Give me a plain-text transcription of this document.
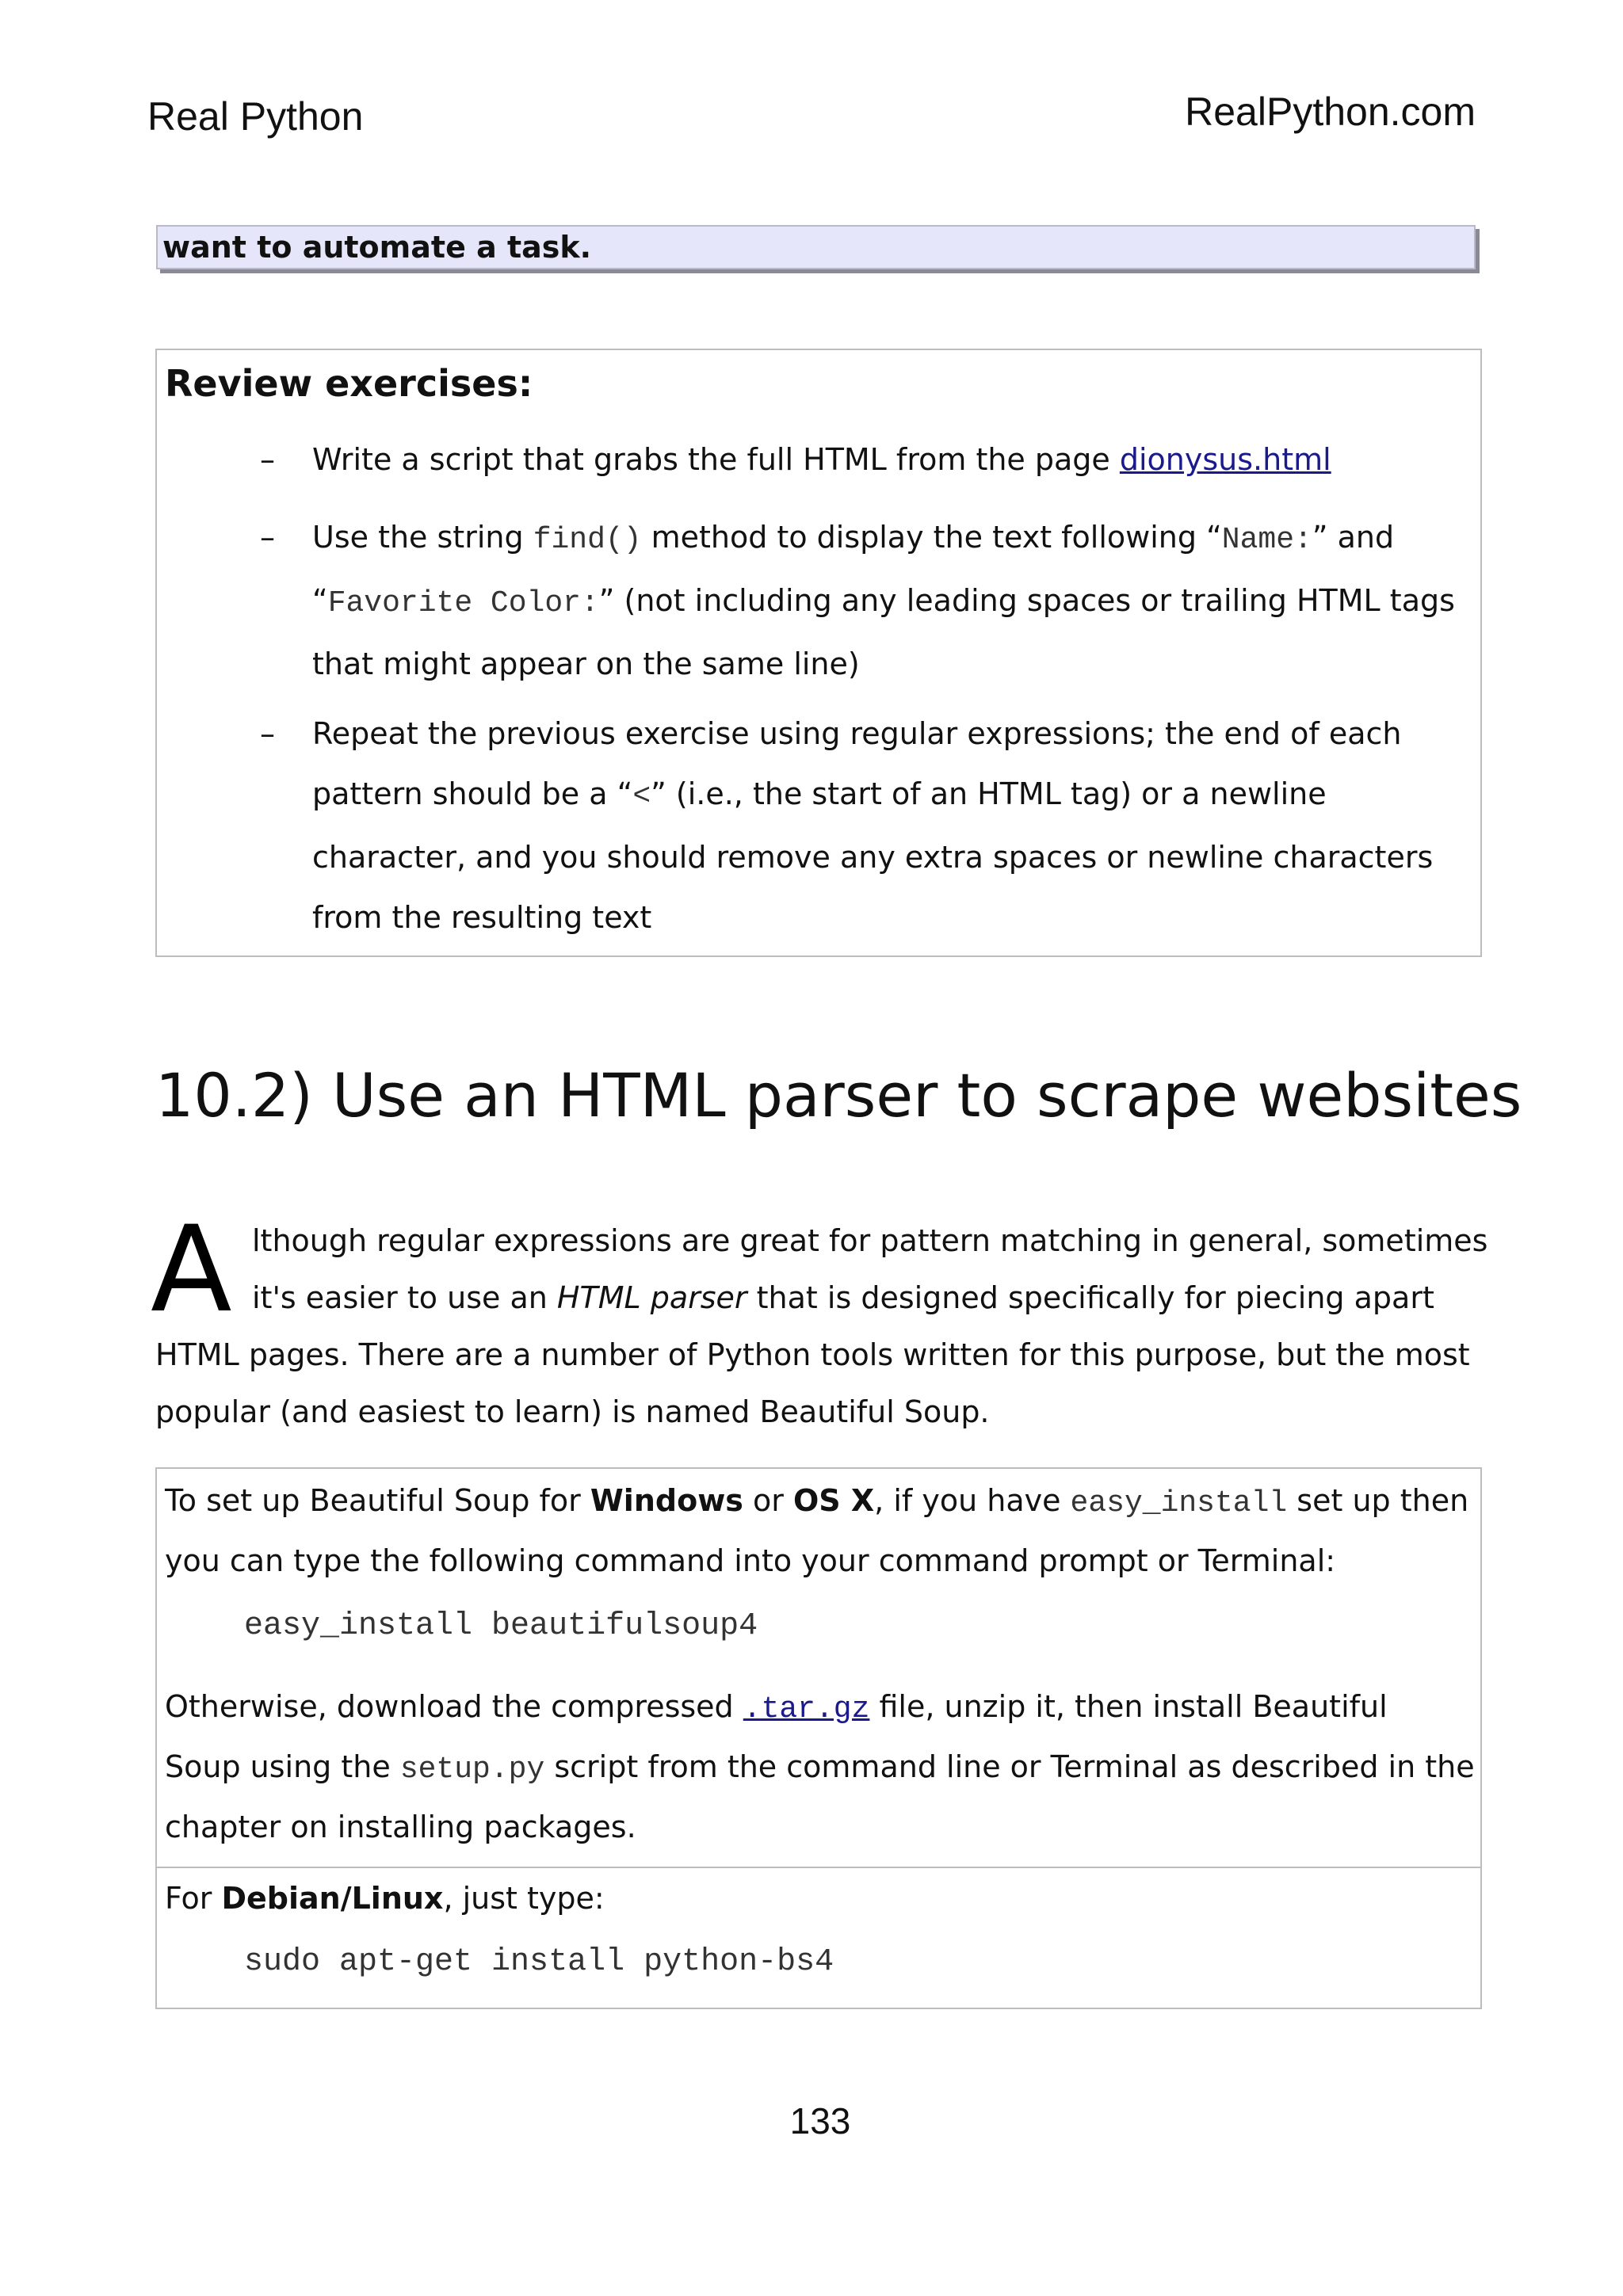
Real Python	RealPython.com
want to automate a task.
Review exercises:
– Write a script that grabs the full HTML from the page dionysus.html
– Use the string find() method to display the text following “Name:” and
“Favorite Color:” (not including any leading spaces or trailing HTML tags
that might appear on the same line)
– Repeat the previous exercise using regular expressions; the end of each
pattern should be a “<” (i.e., the start of an HTML tag) or a newline
character, and you should remove any extra spaces or newline characters
from the resulting text
10.2) Use an HTML parser to scrape websites
A lthough regular expressions are great for pattern matching in general, sometimes
it's easier to use an HTML parser that is designed specifically for piecing apart
HTML pages. There are a number of Python tools written for this purpose, but the most
popular (and easiest to learn) is named Beautiful Soup.
To set up Beautiful Soup for Windows or OS X, if you have easy_install set up then
you can type the following command into your command prompt or Terminal:
easy_install beautifulsoup4
Otherwise, download the compressed .tar.gz file, unzip it, then install Beautiful
Soup using the setup.py script from the command line or Terminal as described in the
chapter on installing packages.
For Debian/Linux, just type:
sudo apt-get install python-bs4
133
